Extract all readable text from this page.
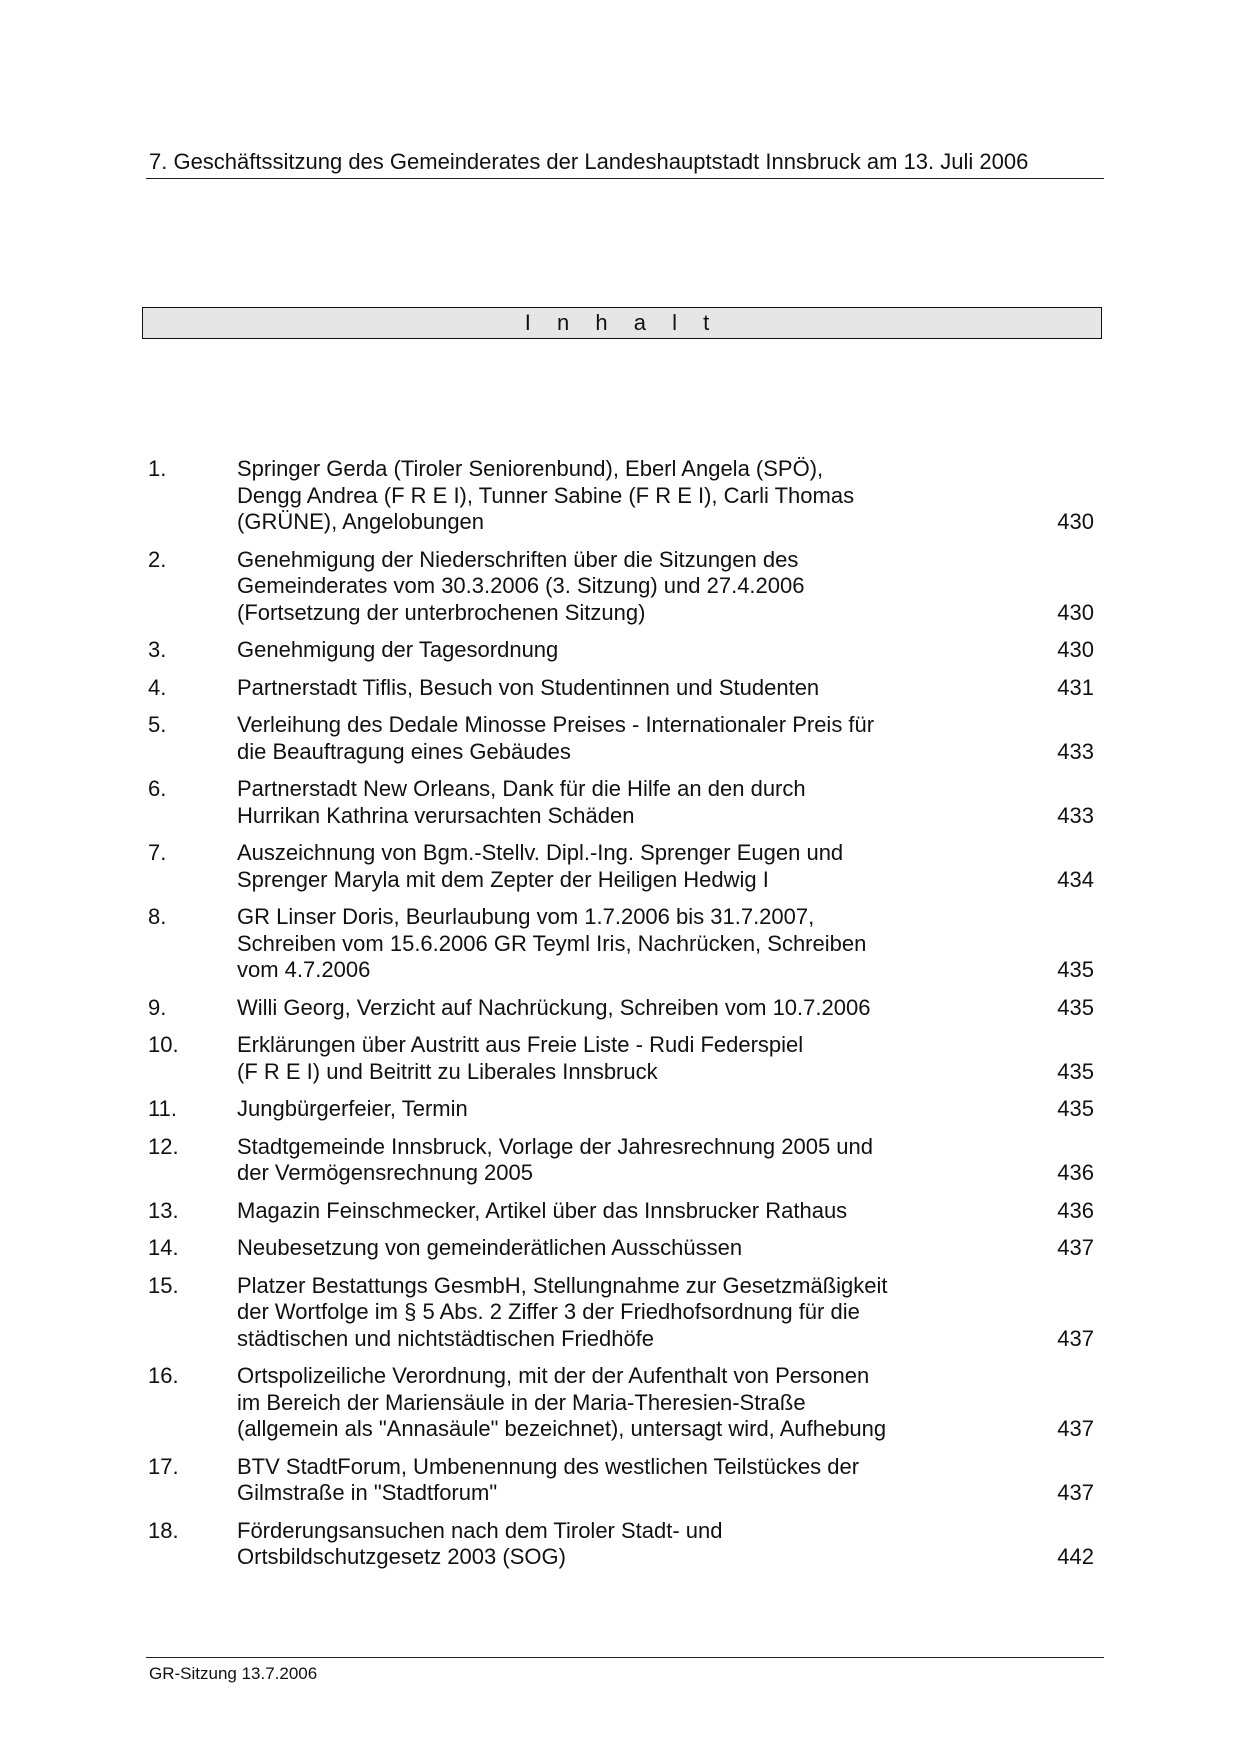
7. Geschäftssitzung des Gemeinderates der Landeshauptstadt Innsbruck am 13. Juli 2006
I n h a l t
1.	Springer Gerda (Tiroler Seniorenbund), Eberl Angela (SPÖ),
Dengg Andrea (F R E I), Tunner Sabine (F R E I), Carli Thomas
(GRÜNE), Angelobungen	430
2.	Genehmigung der Niederschriften über die Sitzungen des
Gemeinderates vom 30.3.2006 (3. Sitzung) und 27.4.2006
(Fortsetzung der unterbrochenen Sitzung)	430
3.	Genehmigung der Tagesordnung	430
4.	Partnerstadt Tiflis, Besuch von Studentinnen und Studenten	431
5.	Verleihung des Dedale Minosse Preises - Internationaler Preis für
die Beauftragung eines Gebäudes	433
6.	Partnerstadt New Orleans, Dank für die Hilfe an den durch
Hurrikan Kathrina verursachten Schäden	433
7.	Auszeichnung von Bgm.-Stellv. Dipl.-Ing. Sprenger Eugen und
Sprenger Maryla mit dem Zepter der Heiligen Hedwig I	434
8.	GR Linser Doris, Beurlaubung vom 1.7.2006 bis 31.7.2007,
Schreiben vom 15.6.2006 GR Teyml Iris, Nachrücken, Schreiben
vom 4.7.2006	435
9.	Willi Georg, Verzicht auf Nachrückung, Schreiben vom 10.7.2006	435
10.	Erklärungen über Austritt aus Freie Liste - Rudi Federspiel
(F R E I) und Beitritt zu Liberales Innsbruck	435
11.	Jungbürgerfeier, Termin	435
12.	Stadtgemeinde Innsbruck, Vorlage der Jahresrechnung 2005 und
der Vermögensrechnung 2005	436
13.	Magazin Feinschmecker, Artikel über das Innsbrucker Rathaus	436
14.	Neubesetzung von gemeinderätlichen Ausschüssen	437
15.	Platzer Bestattungs GesmbH, Stellungnahme zur Gesetzmäßigkeit
der Wortfolge im § 5 Abs. 2 Ziffer 3 der Friedhofsordnung für die
städtischen und nichtstädtischen Friedhöfe	437
16.	Ortspolizeiliche Verordnung, mit der der Aufenthalt von Personen
im Bereich der Mariensäule in der Maria-Theresien-Straße
(allgemein als "Annasäule" bezeichnet), untersagt wird, Aufhebung	437
17.	BTV StadtForum, Umbenennung des westlichen Teilstückes der
Gilmstraße in "Stadtforum"	437
18.	Förderungsansuchen nach dem Tiroler Stadt- und
Ortsbildschutzgesetz 2003 (SOG)	442
GR-Sitzung 13.7.2006
